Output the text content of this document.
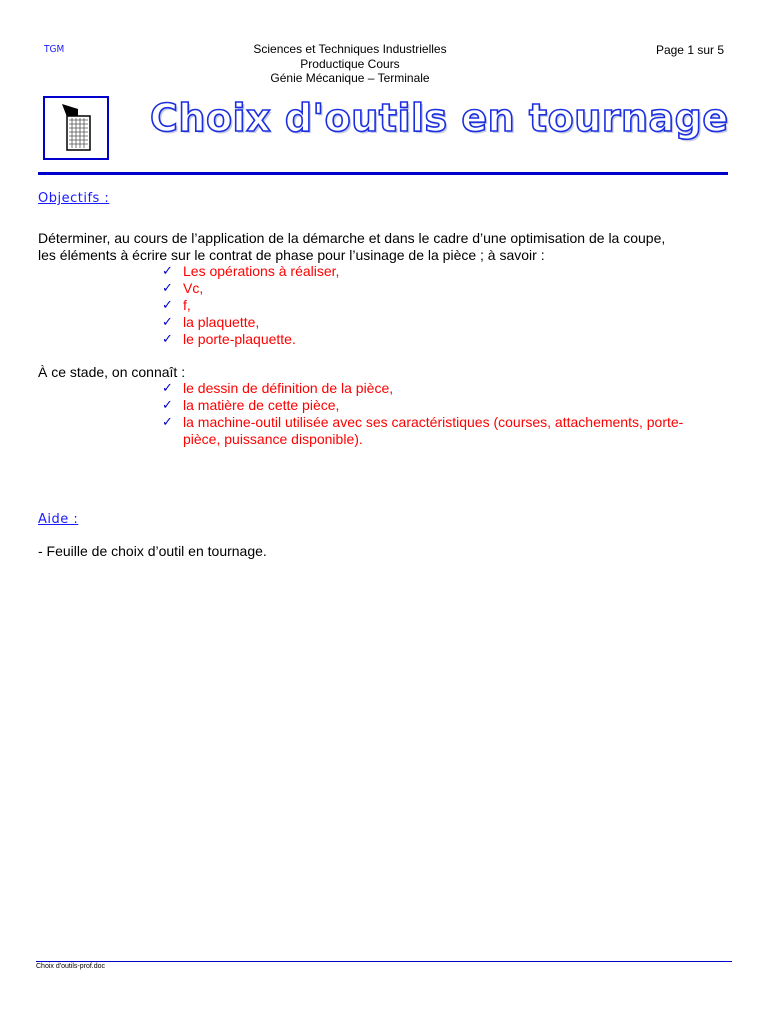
TGM	Sciences et Techniques Industrielles
Productique Cours
Génie Mécanique – Terminale
Page 1 sur 5
Choix d'outils en tournage
Objectifs :
Déterminer, au cours de l’application de la démarche et dans le cadre d’une optimisation de la coupe,
les éléments à écrire sur le contrat de phase pour l’usinage de la pièce ; à savoir :
✓ Les opérations à réaliser,
✓ Vc,
✓ f,
✓ la plaquette,
✓ le porte-plaquette.
À ce stade, on connaît :
✓ le dessin de définition de la pièce,
✓ la matière de cette pièce,
✓ la machine-outil utilisée avec ses caractéristiques (courses, attachements, porte-pièce, puissance disponible).
Aide :
- Feuille de choix d’outil en tournage.
Choix d'outils-prof.doc
